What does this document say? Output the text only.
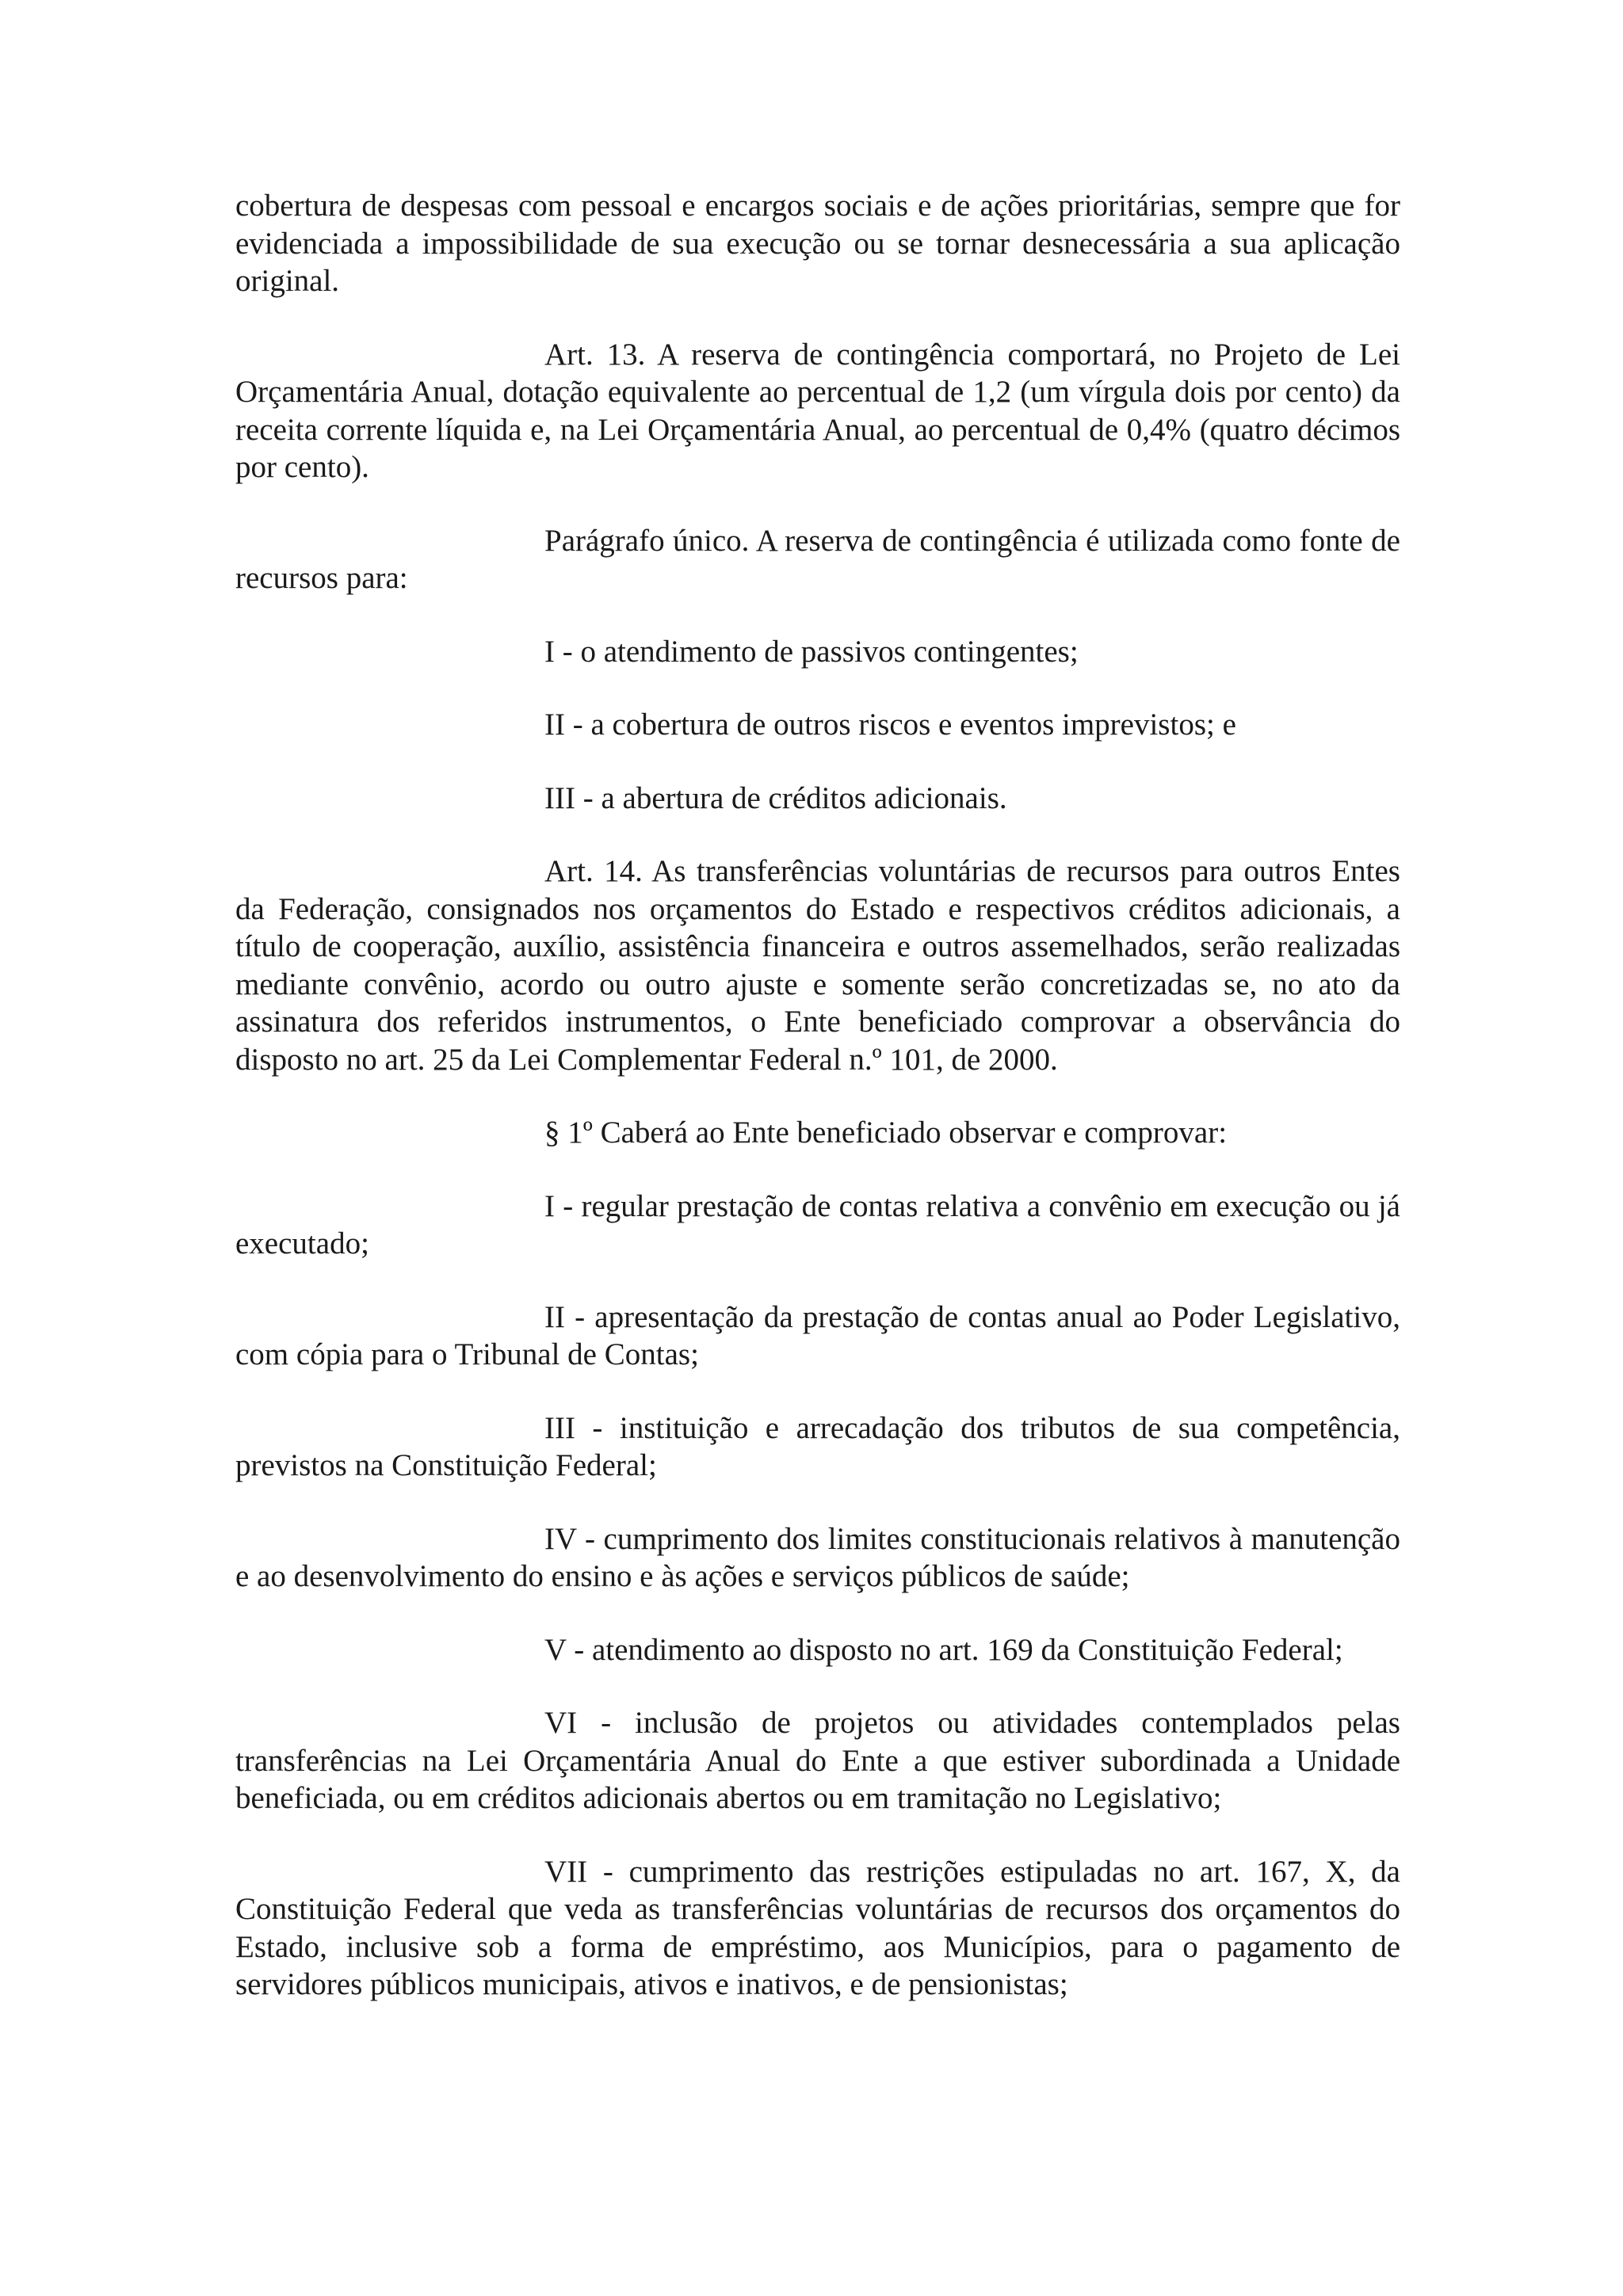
cobertura de despesas com pessoal e encargos sociais e de ações prioritárias, sempre que for evidenciada a impossibilidade de sua execução ou se tornar desnecessária a sua aplicação original.

Art. 13. A reserva de contingência comportará, no Projeto de Lei Orçamentária Anual, dotação equivalente ao percentual de 1,2 (um vírgula dois por cento) da receita corrente líquida e, na Lei Orçamentária Anual, ao percentual de 0,4% (quatro décimos por cento).

Parágrafo único. A reserva de contingência é utilizada como fonte de recursos para:

I - o atendimento de passivos contingentes;

II - a cobertura de outros riscos e eventos imprevistos; e

III - a abertura de créditos adicionais.

Art. 14. As transferências voluntárias de recursos para outros Entes da Federação, consignados nos orçamentos do Estado e respectivos créditos adicionais, a título de cooperação, auxílio, assistência financeira e outros assemelhados, serão realizadas mediante convênio, acordo ou outro ajuste e somente serão concretizadas se, no ato da assinatura dos referidos instrumentos, o Ente beneficiado comprovar a observância do disposto no art. 25 da Lei Complementar Federal n.º 101, de 2000.

§ 1º Caberá ao Ente beneficiado observar e comprovar:

I - regular prestação de contas relativa a convênio em execução ou já executado;

II - apresentação da prestação de contas anual ao Poder Legislativo, com cópia para o Tribunal de Contas;

III - instituição e arrecadação dos tributos de sua competência, previstos na Constituição Federal;

IV - cumprimento dos limites constitucionais relativos à manutenção e ao desenvolvimento do ensino e às ações e serviços públicos de saúde;

V - atendimento ao disposto no art. 169 da Constituição Federal;

VI - inclusão de projetos ou atividades contemplados pelas transferências na Lei Orçamentária Anual do Ente a que estiver subordinada a Unidade beneficiada, ou em créditos adicionais abertos ou em tramitação no Legislativo;

VII - cumprimento das restrições estipuladas no art. 167, X, da Constituição Federal que veda as transferências voluntárias de recursos dos orçamentos do Estado, inclusive sob a forma de empréstimo, aos Municípios, para o pagamento de servidores públicos municipais, ativos e inativos, e de pensionistas;
